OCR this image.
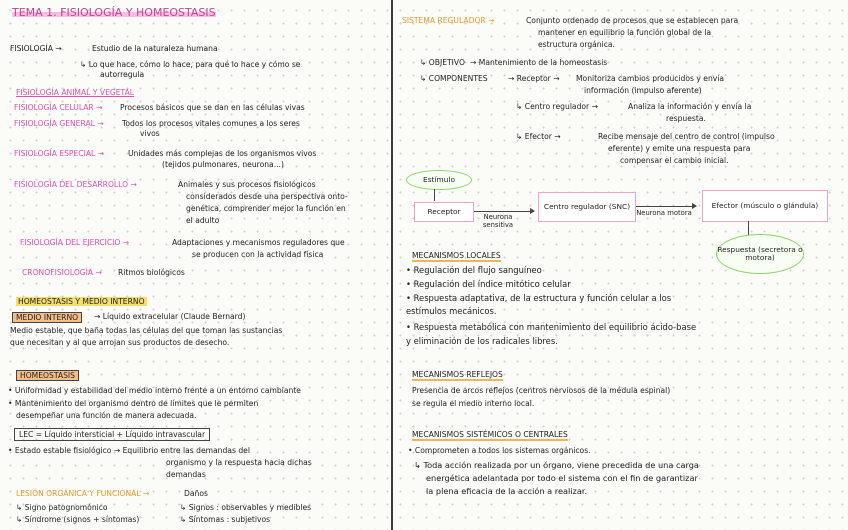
TEMA 1. FISIOLOGÍA Y HOMEOSTASIS
FISIOLOGÍA →	Estudio de la naturaleza humana
↳ Lo que hace, cómo lo hace, para qué lo hace y cómo se
autorregula
FISIOLOGÍA ANIMAL Y VEGETAL
FISIOLOGÍA CELULAR → Procesos básicos que se dan en las células vivas
FISIOLOGÍA GENERAL → Todos los procesos vitales comunes a los seres
vivos
FISIOLOGÍA ESPECIAL →	Unidades más complejas de los organismos vivos
(tejidos pulmonares, neurona...)
FISIOLOGÍA DEL DESARROLLO →	Animales y sus procesos fisiológicos
considerados desde una perspectiva onto-
genética, comprender mejor la función en
el adulto
FISIOLOGÍA DEL EJERCICIO →	Adaptaciones y mecanismos reguladores que
se producen con la actividad física
CRONOFISIOLOGÍA → Ritmos biológicos
HOMEOSTASIS Y MEDIO INTERNO
MEDIO INTERNO	→ Líquido extracelular (Claude Bernard)
Medio estable, que baña todas las células del que toman las sustancias
que necesitan y al que arrojan sus productos de desecho.
HOMEOSTASIS
• Uniformidad y estabilidad del medio interno frente a un entorno cambiante
• Mantenimiento del organismo dentro de límites que le permiten
desempeñar una función de manera adecuada.
LEC = Líquido intersticial + Líquido intravascular
• Estado estable fisiológico → Equilibrio entre las demandas del
organismo y la respuesta hacia dichas
demandas
LESIÓN ORGÁNICA Y FUNCIONAL →	Daños
↳ Signo patognomónico	↳ Signos : observables y medibles
↳ Síndrome (signos + síntomas)	↳ Síntomas : subjetivos
SISTEMA REGULADOR →	Conjunto ordenado de procesos que se establecen para
mantener en equilibrio la función global de la
estructura orgánica.
↳ OBJETIVO → Mantenimiento de la homeostasis
↳ COMPONENTES	→ Receptor → Monitoriza cambios producidos y envía
información (impulso aferente)
↳ Centro regulador →	Analiza la información y envía la
respuesta.
↳ Efector →	Recibe mensaje del centro de control (impulso
eferente) y emite una respuesta para
compensar el cambio inicial.
Estímulo
Receptor
Neurona sensitiva
Centro regulador (SNC)
Neurona motora
Efector (músculo o glándula)
Respuesta (secretora o motora)
MECANISMOS LOCALES
• Regulación del flujo sanguíneo
• Regulación del índice mitótico celular
• Respuesta adaptativa, de la estructura y función celular a los
estímulos mecánicos.
• Respuesta metabólica con mantenimiento del equilibrio ácido-base
y eliminación de los radicales libres.
MECANISMOS REFLEJOS
Presencia de arcos reflejos (centros nerviosos de la médula espinal)
se regula el medio interno local.
MECANISMOS SISTÉMICOS O CENTRALES
• Comprometen a todos los sistemas orgánicos.
↳ Toda acción realizada por un órgano, viene precedida de una carga
energética adelantada por todo el sistema con el fin de garantizar
la plena eficacia de la acción a realizar.
